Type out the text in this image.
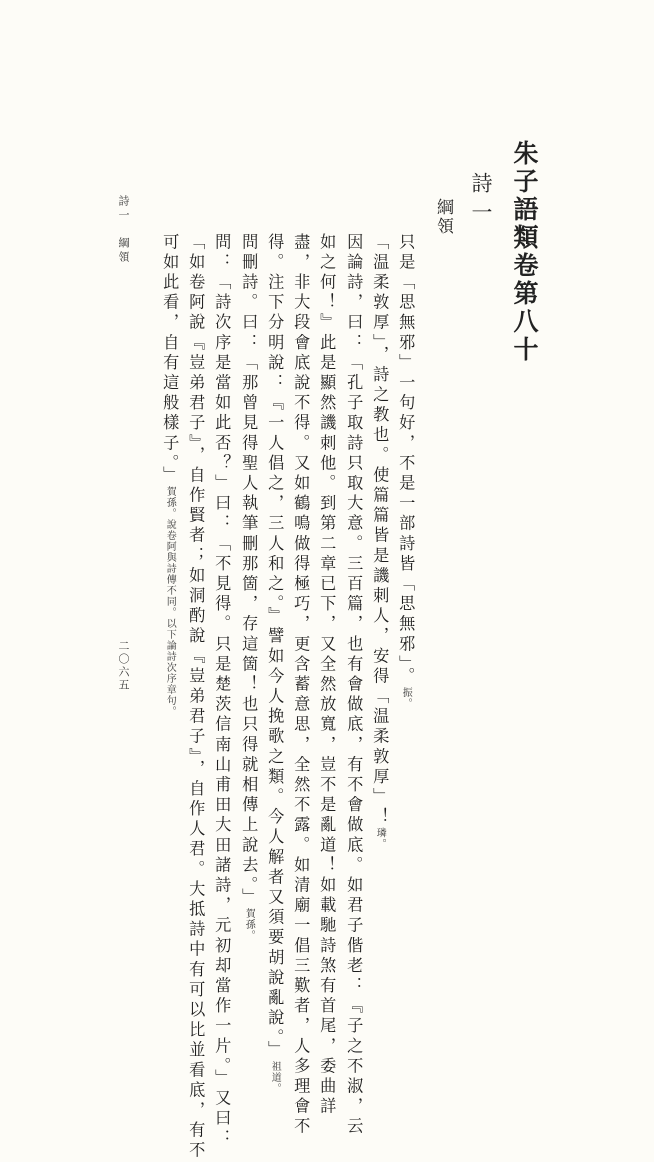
朱子語類卷第八十
詩一
綱領
只是「思無邪」一句好，不是一部詩皆「思無邪」。振。
「温柔敦厚」，詩之教也。使篇篇皆是譏刺人，安得「温柔敦厚」！璘。
因論詩，曰：「孔子取詩只取大意。三百篇，也有會做底，有不會做底。如君子偕老：『子之不淑，云
如之何！』此是顯然譏刺他。到第二章已下，又全然放寬，豈不是亂道！如載馳詩煞有首尾，委曲詳
盡，非大段會底說不得。又如鶴鳴做得極巧，更含蓄意思，全然不露。如清廟一倡三歎者，人多理會不
得。注下分明說：『一人倡之，三人和之。』譬如今人挽歌之類。今人解者又須要胡說亂說。」祖道。
問刪詩。曰：「那曾見得聖人執筆刪那箇，存這箇！也只得就相傳上說去。」賀孫。
問：「詩次序是當如此否？」曰：「不見得。只是楚茨信南山甫田大田諸詩，元初却當作一片。」又曰：
「如卷阿說『豈弟君子』，自作賢者；如洞酌說『豈弟君子』，自作人君。大抵詩中有可以比並看底，有不
可如此看，自有這般樣子。」賀孫。說卷阿與詩傳不同。以下論詩次序章句。
詩一　綱領
二〇六五
